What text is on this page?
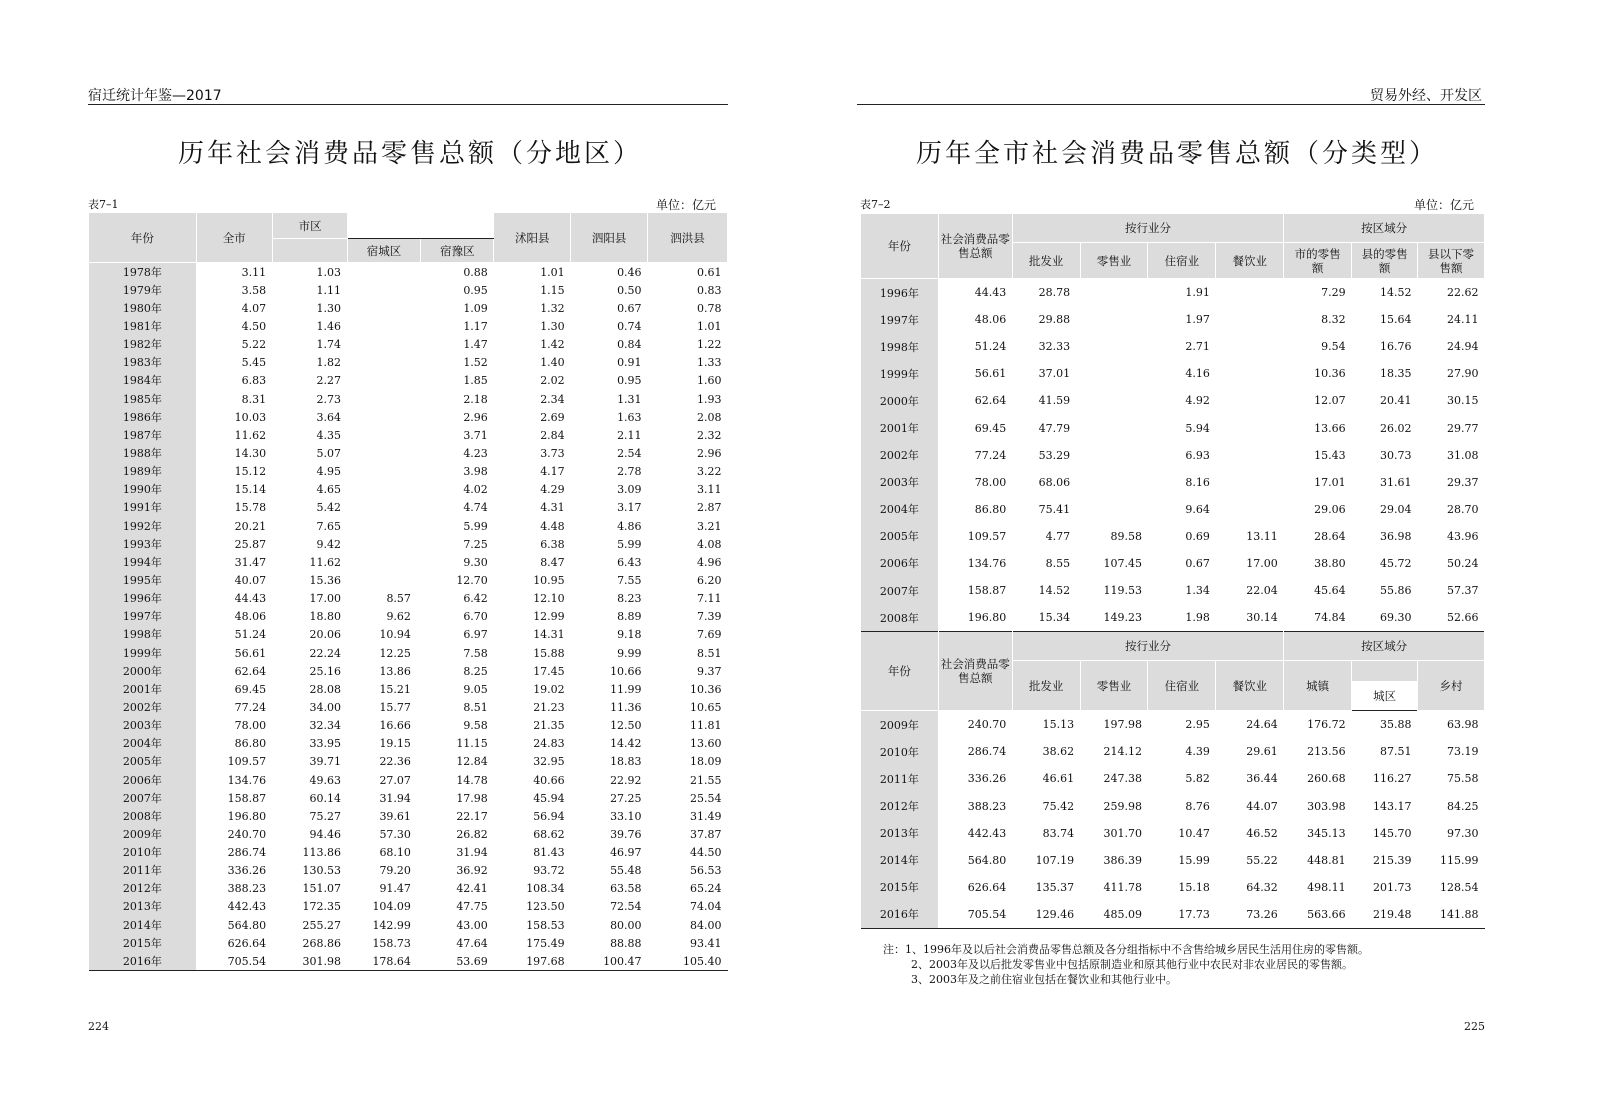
宿迁统计年鉴—2017
历年社会消费品零售总额（分地区）
表7–1	单位：亿元
年份	全市	市区			沭阳县	泗阳县	泗洪县
			宿城区	宿豫区			
1978年	3.11	1.03		0.88	1.01	0.46	0.61
1979年	3.58	1.11		0.95	1.15	0.50	0.83
1980年	4.07	1.30		1.09	1.32	0.67	0.78
1981年	4.50	1.46		1.17	1.30	0.74	1.01
1982年	5.22	1.74		1.47	1.42	0.84	1.22
1983年	5.45	1.82		1.52	1.40	0.91	1.33
1984年	6.83	2.27		1.85	2.02	0.95	1.60
1985年	8.31	2.73		2.18	2.34	1.31	1.93
1986年	10.03	3.64		2.96	2.69	1.63	2.08
1987年	11.62	4.35		3.71	2.84	2.11	2.32
1988年	14.30	5.07		4.23	3.73	2.54	2.96
1989年	15.12	4.95		3.98	4.17	2.78	3.22
1990年	15.14	4.65		4.02	4.29	3.09	3.11
1991年	15.78	5.42		4.74	4.31	3.17	2.87
1992年	20.21	7.65		5.99	4.48	4.86	3.21
1993年	25.87	9.42		7.25	6.38	5.99	4.08
1994年	31.47	11.62		9.30	8.47	6.43	4.96
1995年	40.07	15.36		12.70	10.95	7.55	6.20
1996年	44.43	17.00	8.57	6.42	12.10	8.23	7.11
1997年	48.06	18.80	9.62	6.70	12.99	8.89	7.39
1998年	51.24	20.06	10.94	6.97	14.31	9.18	7.69
1999年	56.61	22.24	12.25	7.58	15.88	9.99	8.51
2000年	62.64	25.16	13.86	8.25	17.45	10.66	9.37
2001年	69.45	28.08	15.21	9.05	19.02	11.99	10.36
2002年	77.24	34.00	15.77	8.51	21.23	11.36	10.65
2003年	78.00	32.34	16.66	9.58	21.35	12.50	11.81
2004年	86.80	33.95	19.15	11.15	24.83	14.42	13.60
2005年	109.57	39.71	22.36	12.84	32.95	18.83	18.09
2006年	134.76	49.63	27.07	14.78	40.66	22.92	21.55
2007年	158.87	60.14	31.94	17.98	45.94	27.25	25.54
2008年	196.80	75.27	39.61	22.17	56.94	33.10	31.49
2009年	240.70	94.46	57.30	26.82	68.62	39.76	37.87
2010年	286.74	113.86	68.10	31.94	81.43	46.97	44.50
2011年	336.26	130.53	79.20	36.92	93.72	55.48	56.53
2012年	388.23	151.07	91.47	42.41	108.34	63.58	65.24
2013年	442.43	172.35	104.09	47.75	123.50	72.54	74.04
2014年	564.80	255.27	142.99	43.00	158.53	80.00	84.00
2015年	626.64	268.86	158.73	47.64	175.49	88.88	93.41
2016年	705.54	301.98	178.64	53.69	197.68	100.47	105.40
224
贸易外经、开发区
历年全市社会消费品零售总额（分类型）
表7–2	单位：亿元
225
年份	社会消费品零售总额	按行业分				按区域分		
		批发业	零售业	住宿业	餐饮业	市的零售额	县的零售额	县以下零售额
1996年	44.43	28.78		1.91		7.29	14.52	22.62
1997年	48.06	29.88		1.97		8.32	15.64	24.11
1998年	51.24	32.33		2.71		9.54	16.76	24.94
1999年	56.61	37.01		4.16		10.36	18.35	27.90
2000年	62.64	41.59		4.92		12.07	20.41	30.15
2001年	69.45	47.79		5.94		13.66	26.02	29.77
2002年	77.24	53.29		6.93		15.43	30.73	31.08
2003年	78.00	68.06		8.16		17.01	31.61	29.37
2004年	86.80	75.41		9.64		29.06	29.04	28.70
2005年	109.57	4.77	89.58	0.69	13.11	28.64	36.98	43.96
2006年	134.76	8.55	107.45	0.67	17.00	38.80	45.72	50.24
2007年	158.87	14.52	119.53	1.34	22.04	45.64	55.86	57.37
2008年	196.80	15.34	149.23	1.98	30.14	74.84	69.30	52.66
年份	社会消费品零售总额	按行业分				按区域分		
		批发业	零售业	住宿业	餐饮业	城镇		乡村
							城区	
2009年	240.70	15.13	197.98	2.95	24.64	176.72	35.88	63.98
2010年	286.74	38.62	214.12	4.39	29.61	213.56	87.51	73.19
2011年	336.26	46.61	247.38	5.82	36.44	260.68	116.27	75.58
2012年	388.23	75.42	259.98	8.76	44.07	303.98	143.17	84.25
2013年	442.43	83.74	301.70	10.47	46.52	345.13	145.70	97.30
2014年	564.80	107.19	386.39	15.99	55.22	448.81	215.39	115.99
2015年	626.64	135.37	411.78	15.18	64.32	498.11	201.73	128.54
2016年	705.54	129.46	485.09	17.73	73.26	563.66	219.48	141.88
注：1、1996年及以后社会消费品零售总额及各分组指标中不含售给城乡居民生活用住房的零售额。
2、2003年及以后批发零售业中包括原制造业和原其他行业中农民对非农业居民的零售额。
3、2003年及之前住宿业包括在餐饮业和其他行业中。
